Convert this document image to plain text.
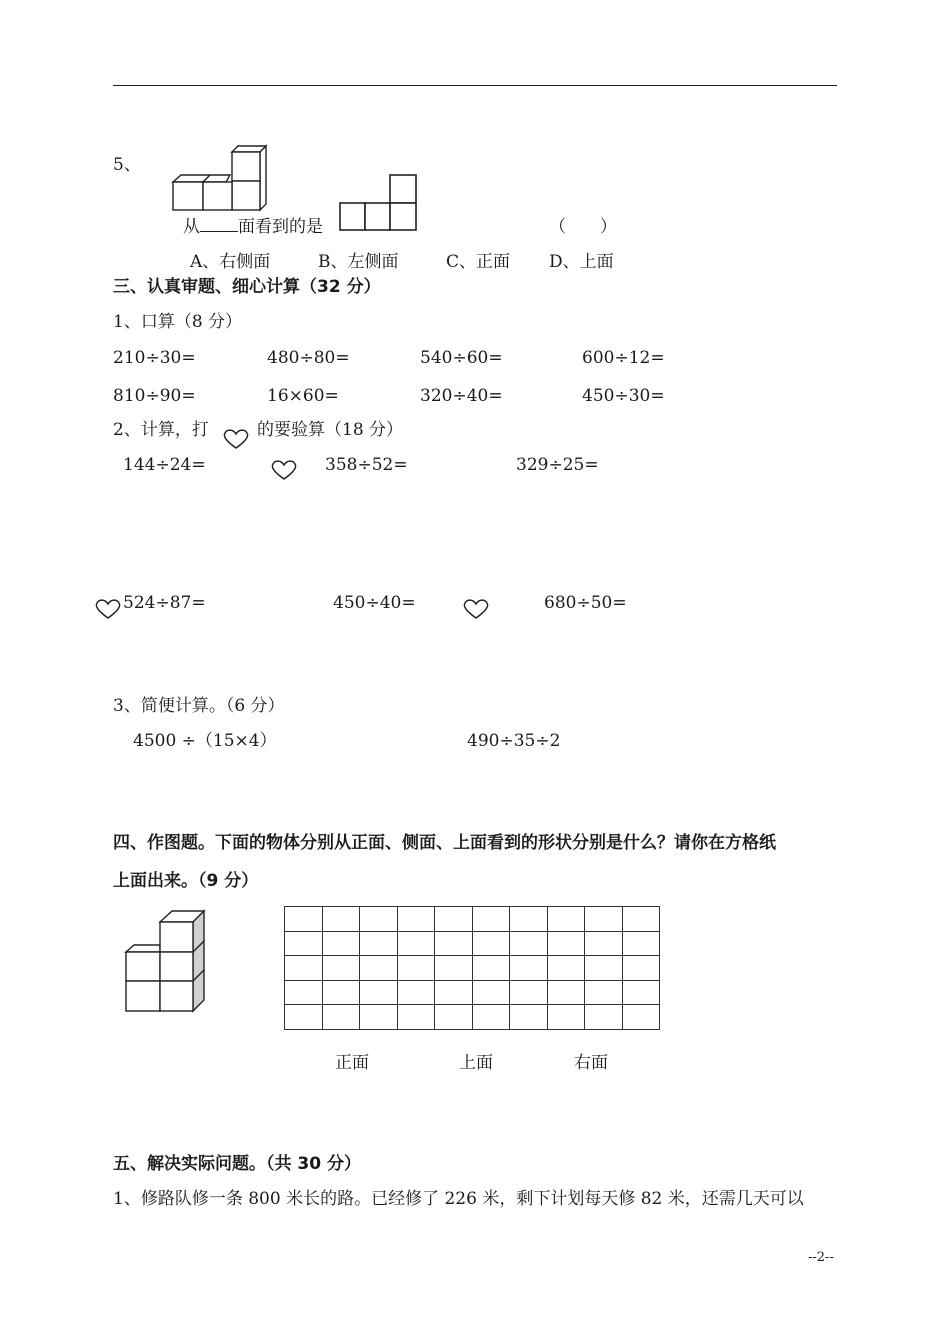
5、
从 面看到的是	（　　）
A、右侧面	B、左侧面	C、正面 D、上面
三、认真审题、细心计算（32 分）
1、口算（8 分）
210÷30=	480÷80=	540÷60=	600÷12=
810÷90=	16×60=	320÷40=	450÷30=
2、计算，打	的要验算（18 分）
144÷24=	358÷52=	329÷25=
524÷87=	450÷40=	680÷50=
3、简便计算。（6 分）
4500 ÷（15×4）	490÷35÷2
四、作图题。下面的物体分别从正面、侧面、上面看到的形状分别是什么？请你在方格纸
上面出来。（9 分）

正面	上面	右面
五、解决实际问题。（共 30 分）
1、修路队修一条 800 米长的路。已经修了 226 米，剩下计划每天修 82 米，还需几天可以
--2--
